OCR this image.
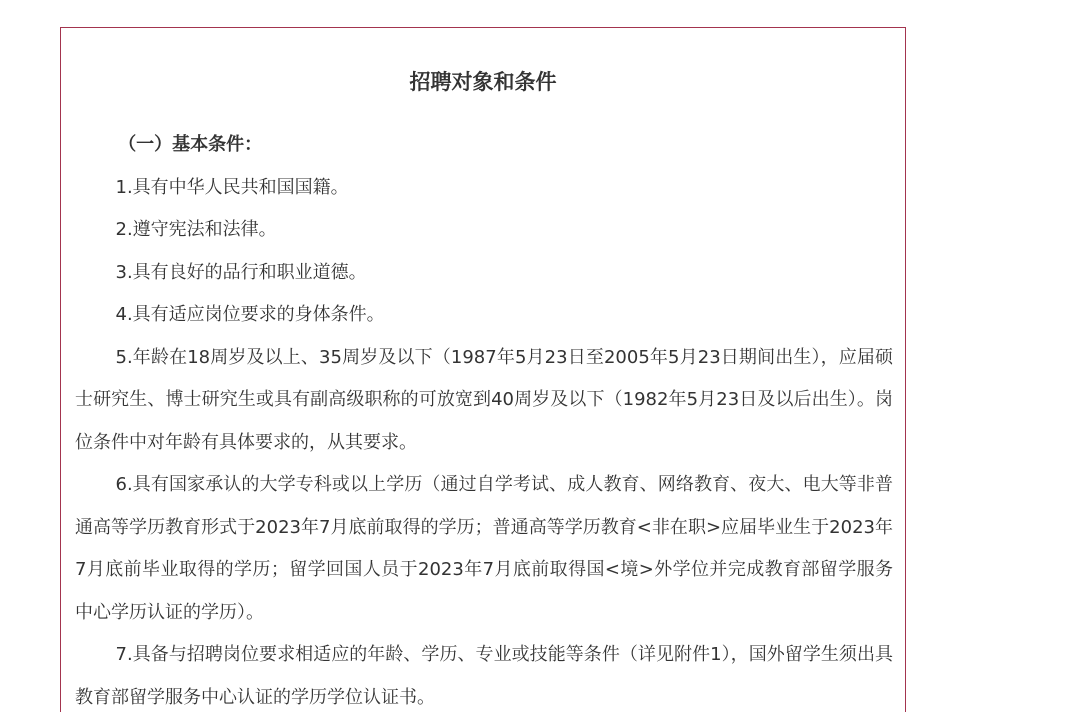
招聘对象和条件

（一）基本条件：

1.具有中华人民共和国国籍。

2.遵守宪法和法律。

3.具有良好的品行和职业道德。

4.具有适应岗位要求的身体条件。

5.年龄在18周岁及以上、35周岁及以下（1987年5月23日至2005年5月23日期间出生），应届硕士研究生、博士研究生或具有副高级职称的可放宽到40周岁及以下（1982年5月23日及以后出生）。岗位条件中对年龄有具体要求的，从其要求。

6.具有国家承认的大学专科或以上学历（通过自学考试、成人教育、网络教育、夜大、电大等非普通高等学历教育形式于2023年7月底前取得的学历；普通高等学历教育<非在职>应届毕业生于2023年7月底前毕业取得的学历；留学回国人员于2023年7月底前取得国<境>外学位并完成教育部留学服务中心学历认证的学历）。

7.具备与招聘岗位要求相适应的年龄、学历、专业或技能等条件（详见附件1），国外留学生须出具教育部留学服务中心认证的学历学位认证书。
